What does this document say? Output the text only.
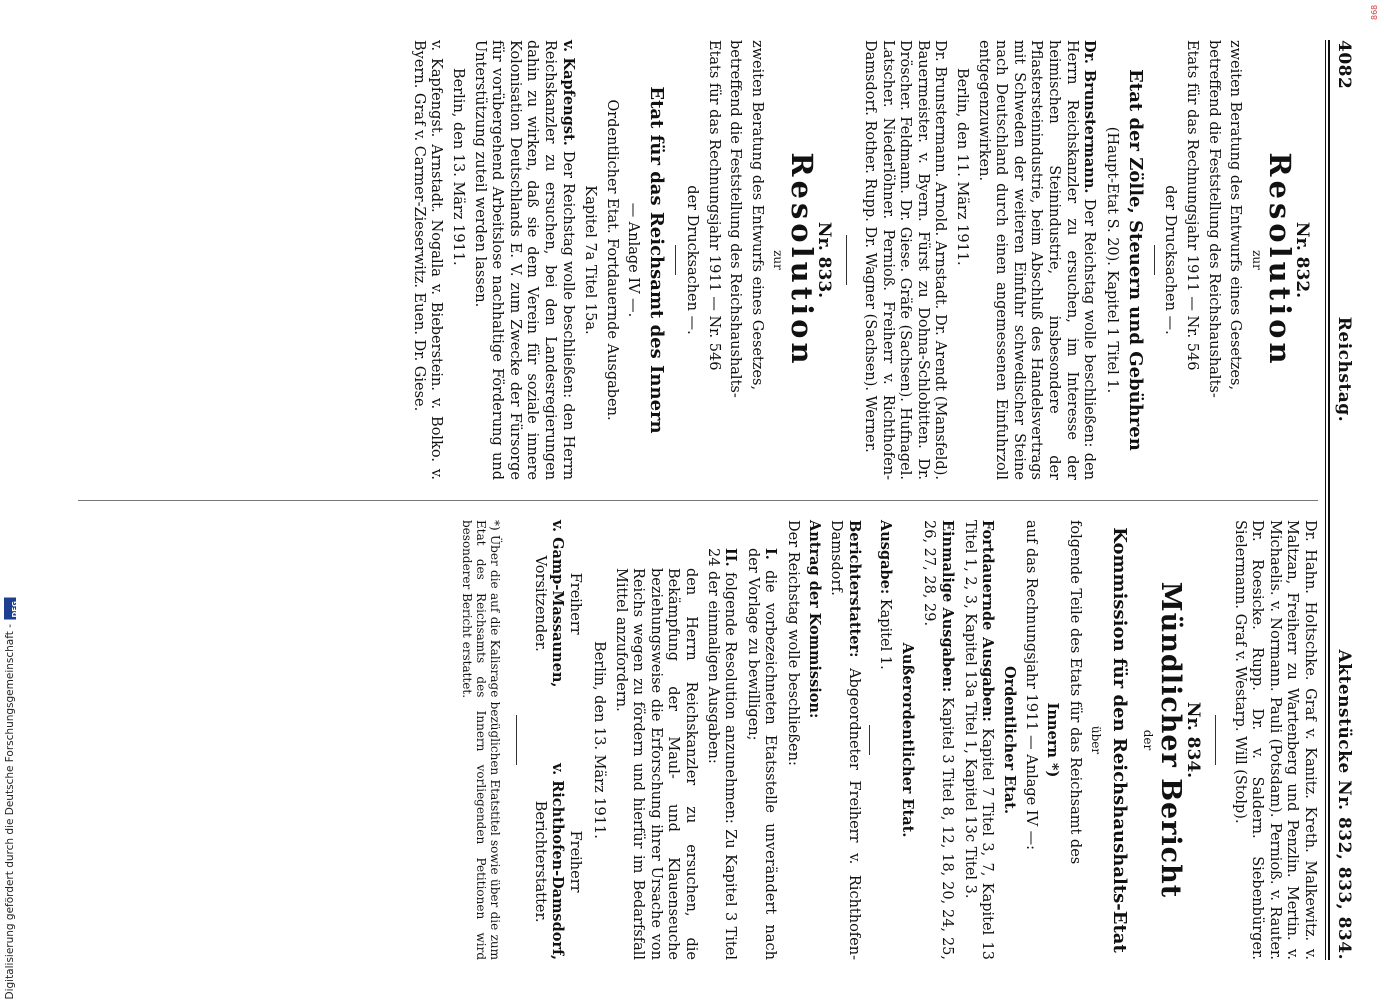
868
Digitalisierung gefördert durch die Deutsche Forschungsgemeinschaft -
DFG
4082
Reichstag.
Aktenstücke Nr. 832, 833, 834.
Nr. 832.
Resolution
zur

zweiten Beratung des Entwurfs eines Gesetzes,

betreffend die Feststellung des Reichshaushalts-

Etats für das Rechnungsjahr 1911 — Nr. 546

der Drucksachen —.

Etat der Zölle, Steuern und Gebühren

(Haupt-Etat S. 20). Kapitel 1 Titel 1.

Dr. Brunstermann. Der Reichstag wolle beschließen: den Herrn Reichskanzler zu ersuchen, im Interesse der heimischen Steinindustrie, insbesondere der Pflastersteinindustrie, beim Abschluß des Handelsvertrags mit Schweden der weiteren Einfuhr schwedischer Steine nach Deutschland durch einen angemessenen Einfuhrzoll entgegenzuwirken.

Berlin, den 11. März 1911.

Dr. Brunstermann. Arnold. Arnstadt. Dr. Arendt (Mansfeld). Bauermeister. v. Byern. Fürst zu Dohna-Schlobitten. Dr. Dröscher. Feldmann. Dr. Giese. Gräfe (Sachsen). Hufnagel. Latscher. Niederlöhner. Pernioß. Freiherr v. Richthofen-Damsdorf. Rother. Rupp. Dr. Wagner (Sachsen). Werner.

Nr. 833.
Resolution
zur

zweiten Beratung des Entwurfs eines Gesetzes,

betreffend die Feststellung des Reichshaushalts-

Etats für das Rechnungsjahr 1911 — Nr. 546

der Drucksachen —.

Etat für das Reichsamt des Innern

— Anlage IV —.

Ordentlicher Etat. Fortdauernde Ausgaben.

Kapitel 7a Titel 15a.

v. Kapfengst. Der Reichstag wolle beschließen: den Herrn Reichskanzler zu ersuchen, bei den Landesregierungen dahin zu wirken, daß sie dem Verein für soziale innere Kolonisation Deutschlands E. V. zum Zwecke der Fürsorge für vorübergehend Arbeitslose nachhaltige Förderung und Unterstützung zuteil werden lassen.

Berlin, den 13. März 1911.

v. Kapfengst. Arnstadt. Nogalla v. Bieberstein. v. Bolko. v. Byern. Graf v. Carmer-Zieserwitz. Euen. Dr. Giese.

Dr. Hahn. Holtschke. Graf v. Kanitz. Kreth. Malkewitz. v. Maltzan, Freiherr zu Wartenberg und Penzlin. Mertin. v. Michaelis. v. Normann. Pauli (Potsdam). Pernioß. v. Rauter. Dr. Roesicke. Rupp. Dr. v. Saldern. Siebenbürger. Sielermann. Graf v. Westarp. Will (Stolp).

Nr. 834.
Mündlicher Bericht
der
Kommission für den Reichshaushalts-Etat
über

folgende Teile des Etats für das Reichsamt des

Innern *)

auf das Rechnungsjahr 1911 — Anlage IV —:

Ordentlicher Etat.

Fortdauernde Ausgaben: Kapitel 7 Titel 3, 7, Kapitel 13 Titel 1, 2, 3, Kapitel 13a Titel 1, Kapitel 13c Titel 3.

Einmalige Ausgaben: Kapitel 3 Titel 8, 12, 18, 20, 24, 25, 26, 27, 28, 29.

Außerordentlicher Etat.

Ausgabe: Kapitel 1.

Berichterstatter: Abgeordneter Freiherr v. Richthofen-Damsdorf.

Antrag der Kommission:

Der Reichstag wolle beschließen:

I. die vorbezeichneten Etatsstelle unverändert nach der Vorlage zu bewilligen;

II. folgende Resolution anzunehmen: Zu Kapitel 3 Titel 24 der einmaligen Ausgaben:

den Herrn Reichskanzler zu ersuchen, die Bekämpfung der Maul- und Klauenseuche beziehungsweise die Erforschung ihrer Ursache von Reichs wegen zu fördern und hierfür im Bedarfsfall Mittel anzufordern.

Berlin, den 13. März 1911.

Freiherr
v. Gamp-Massaunen,
Vorsitzender.
Freiherr
v. Richthofen-Damsdorf,
Berichterstatter.

*) Über die auf die Kalisrage bezüglichen Etatstitel sowie über die zum Etat des Reichsamts des Innern vorliegenden Petitionen wird besonderer Bericht erstattet.
